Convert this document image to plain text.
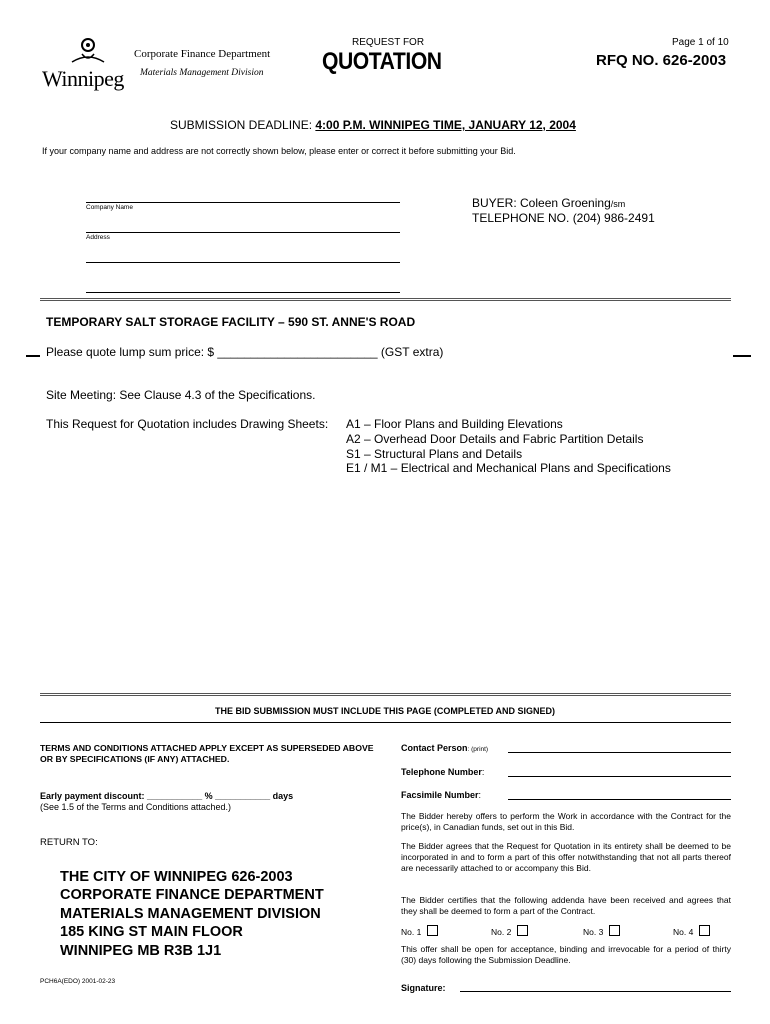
Winnipeg
Corporate Finance Department
Materials Management Division
REQUEST FOR
QUOTATION
Page 1 of 10
RFQ NO. 626-2003
SUBMISSION DEADLINE: 4:00 P.M. WINNIPEG TIME, JANUARY 12, 2004
If your company name and address are not correctly shown below, please enter or correct it before submitting your Bid.
Company Name
Address
BUYER: Coleen Groening/sm
TELEPHONE NO. (204) 986-2491
TEMPORARY SALT STORAGE FACILITY – 590 ST. ANNE'S ROAD
Please quote lump sum price: $ ________________________ (GST extra)
Site Meeting: See Clause 4.3 of the Specifications.
This Request for Quotation includes Drawing Sheets: A1 – Floor Plans and Building Elevations
A2 – Overhead Door Details and Fabric Partition Details
S1 – Structural Plans and Details
E1 / M1 – Electrical and Mechanical Plans and Specifications
THE BID SUBMISSION MUST INCLUDE THIS PAGE (COMPLETED AND SIGNED)
TERMS AND CONDITIONS ATTACHED APPLY EXCEPT AS SUPERSEDED ABOVE OR BY SPECIFICATIONS (IF ANY) ATTACHED.
Early payment discount: ___________ % ___________ days
(See 1.5 of the Terms and Conditions attached.)
RETURN TO:
THE CITY OF WINNIPEG 626-2003
CORPORATE FINANCE DEPARTMENT
MATERIALS MANAGEMENT DIVISION
185 KING ST MAIN FLOOR
WINNIPEG MB R3B 1J1
PCH6A(EDO) 2001-02-23
Contact Person: (print)
Telephone Number:
Facsimile Number:
The Bidder hereby offers to perform the Work in accordance with the Contract for the price(s), in Canadian funds, set out in this Bid.
The Bidder agrees that the Request for Quotation in its entirety shall be deemed to be incorporated in and to form a part of this offer notwithstanding that not all parts thereof are necessarily attached to or accompany this Bid.
The Bidder certifies that the following addenda have been received and agrees that they shall be deemed to form a part of the Contract.
No. 1	No. 2	No. 3	No. 4
This offer shall be open for acceptance, binding and irrevocable for a period of thirty (30) days following the Submission Deadline.
Signature:
